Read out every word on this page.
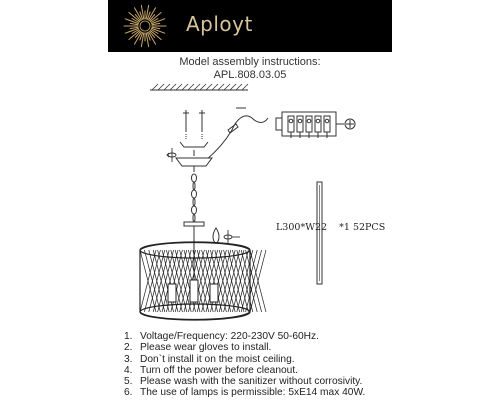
Aployt
Model assembly instructions:
APL.808.03.05
L300*W22 *1 52PCS
1. Voltage/Frequency: 220-230V 50-60Hz.
2. Please wear gloves to install.
3. Don`t install it on the moist ceiling.
4. Turn off the power before cleanout.
5. Please wash with the sanitizer without corrosivity.
6. The use of lamps is permissible: 5xE14 max 40W.
